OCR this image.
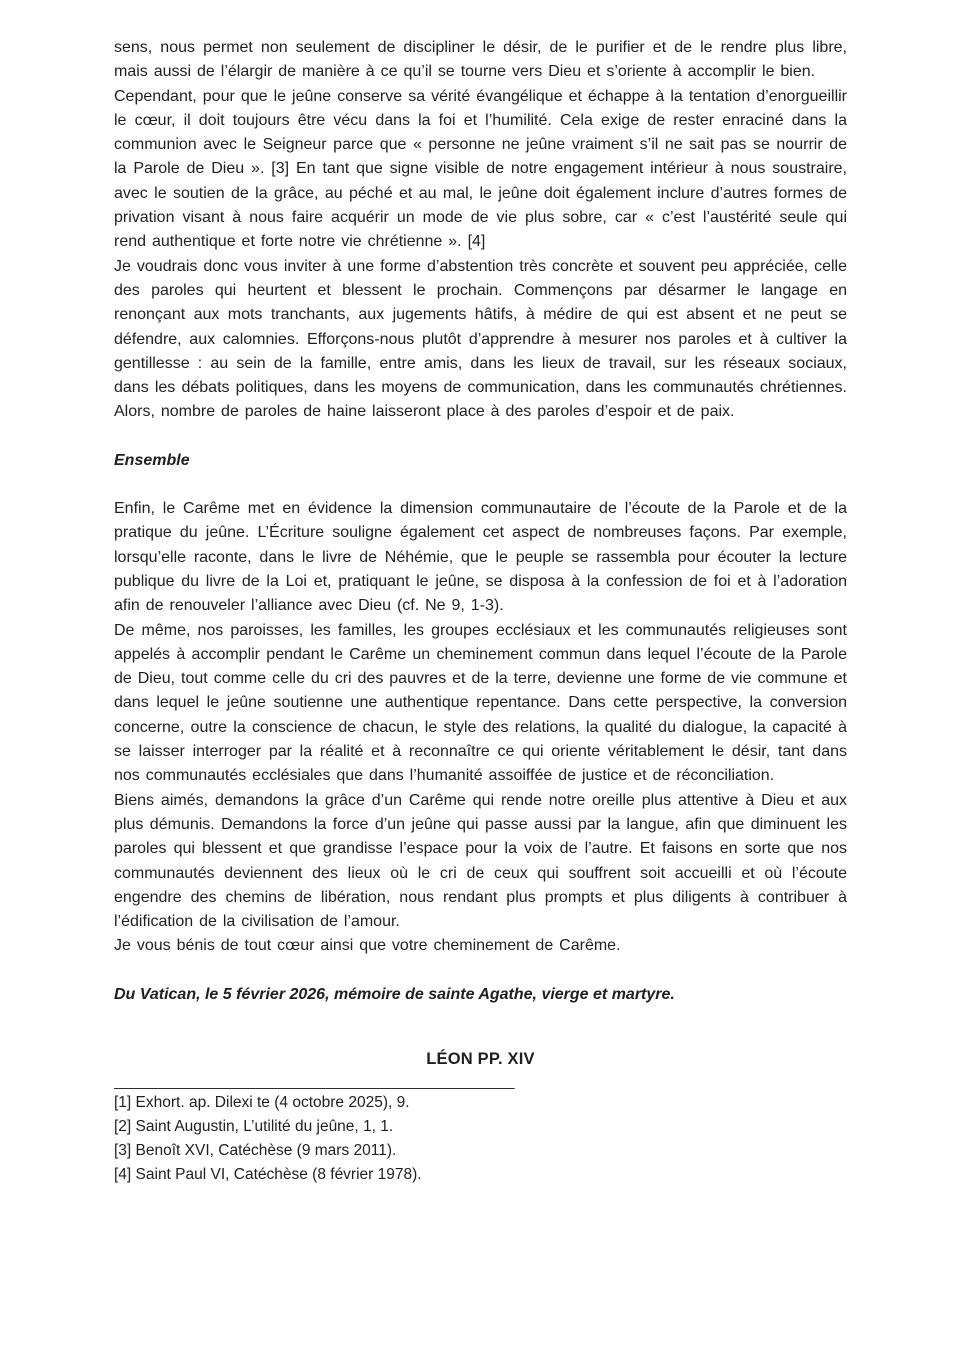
sens, nous permet non seulement de discipliner le désir, de le purifier et de le rendre plus libre, mais aussi de l’élargir de manière à ce qu’il se tourne vers Dieu et s’oriente à accomplir le bien.

Cependant, pour que le jeûne conserve sa vérité évangélique et échappe à la tentation d’enorgueillir le cœur, il doit toujours être vécu dans la foi et l’humilité. Cela exige de rester enraciné dans la communion avec le Seigneur parce que « personne ne jeûne vraiment s’il ne sait pas se nourrir de la Parole de Dieu ». [3] En tant que signe visible de notre engagement intérieur à nous soustraire, avec le soutien de la grâce, au péché et au mal, le jeûne doit également inclure d’autres formes de privation visant à nous faire acquérir un mode de vie plus sobre, car « c’est l’austérité seule qui rend authentique et forte notre vie chrétienne ». [4]

Je voudrais donc vous inviter à une forme d’abstention très concrète et souvent peu appréciée, celle des paroles qui heurtent et blessent le prochain. Commençons par désarmer le langage en renonçant aux mots tranchants, aux jugements hâtifs, à médire de qui est absent et ne peut se défendre, aux calomnies. Efforçons-nous plutôt d’apprendre à mesurer nos paroles et à cultiver la gentillesse : au sein de la famille, entre amis, dans les lieux de travail, sur les réseaux sociaux, dans les débats politiques, dans les moyens de communication, dans les communautés chrétiennes. Alors, nombre de paroles de haine laisseront place à des paroles d’espoir et de paix.

Ensemble

Enfin, le Carême met en évidence la dimension communautaire de l’écoute de la Parole et de la pratique du jeûne. L’Écriture souligne également cet aspect de nombreuses façons. Par exemple, lorsqu’elle raconte, dans le livre de Néhémie, que le peuple se rassembla pour écouter la lecture publique du livre de la Loi et, pratiquant le jeûne, se disposa à la confession de foi et à l’adoration afin de renouveler l’alliance avec Dieu (cf. Ne 9, 1-3).

De même, nos paroisses, les familles, les groupes ecclésiaux et les communautés religieuses sont appelés à accomplir pendant le Carême un cheminement commun dans lequel l’écoute de la Parole de Dieu, tout comme celle du cri des pauvres et de la terre, devienne une forme de vie commune et dans lequel le jeûne soutienne une authentique repentance. Dans cette perspective, la conversion concerne, outre la conscience de chacun, le style des relations, la qualité du dialogue, la capacité à se laisser interroger par la réalité et à reconnaître ce qui oriente véritablement le désir, tant dans nos communautés ecclésiales que dans l’humanité assoiffée de justice et de réconciliation.

Biens aimés, demandons la grâce d’un Carême qui rende notre oreille plus attentive à Dieu et aux plus démunis. Demandons la force d’un jeûne qui passe aussi par la langue, afin que diminuent les paroles qui blessent et que grandisse l’espace pour la voix de l’autre. Et faisons en sorte que nos communautés deviennent des lieux où le cri de ceux qui souffrent soit accueilli et où l’écoute engendre des chemins de libération, nous rendant plus prompts et plus diligents à contribuer à l’édification de la civilisation de l’amour.

Je vous bénis de tout cœur ainsi que votre cheminement de Carême.

Du Vatican, le 5 février 2026, mémoire de sainte Agathe, vierge et martyre.

LÉON PP. XIV

________________________________________________

[1] Exhort. ap. Dilexi te (4 octobre 2025), 9.

[2] Saint Augustin, L’utilité du jeûne, 1, 1.

[3] Benoît XVI, Catéchèse (9 mars 2011).

[4] Saint Paul VI, Catéchèse (8 février 1978).
